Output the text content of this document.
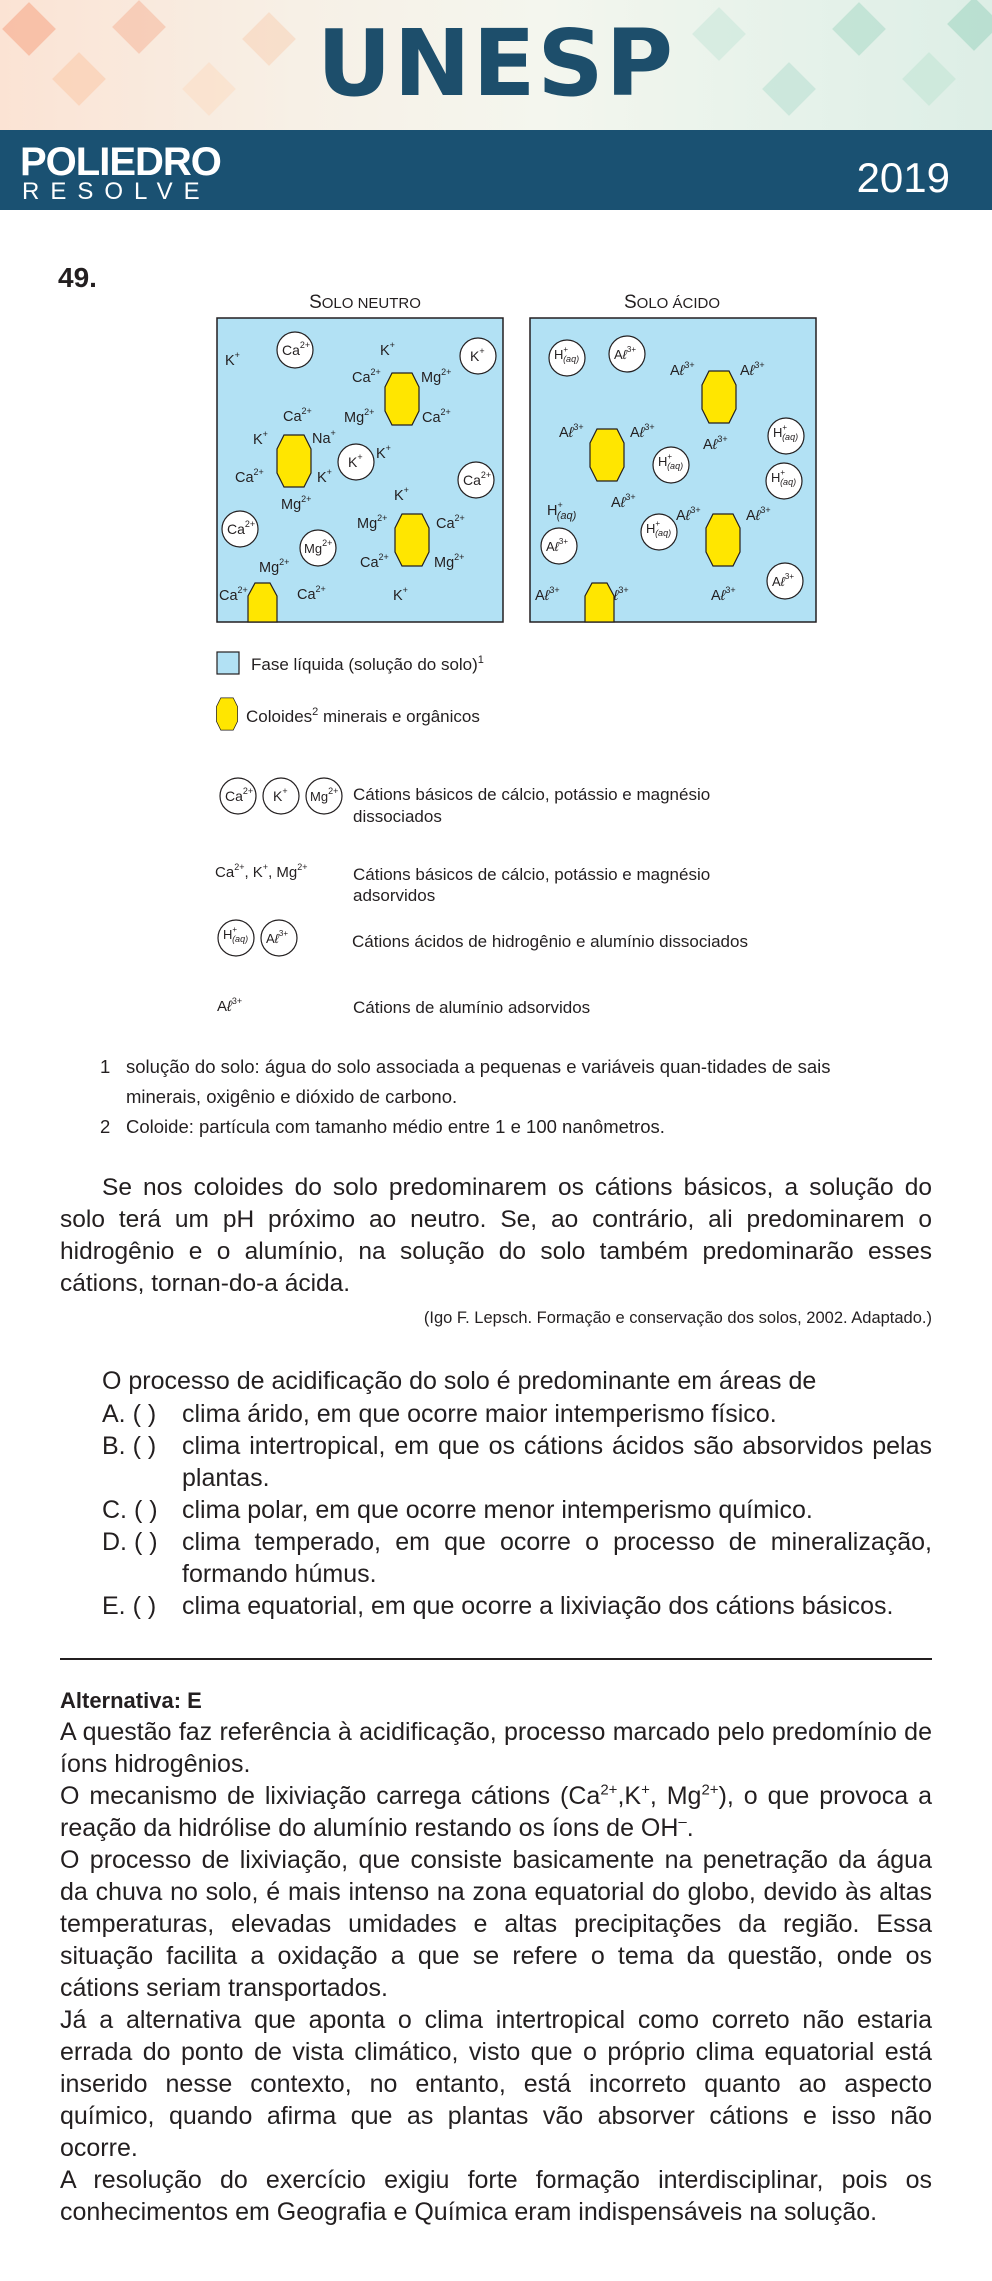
UNESP
POLIEDRO
RESOLVE	2019
49.
SOLO NEUTRO	SOLO ÁCIDO
K+	K+
$Ca^{2+}$	$Mg^{2+}$
$Mg^{2+}$	$Ca^{2+}$
$Ca^{2+}$
K+	Na+
K+
$Ca^{2+}$	K+
$Mg^{2+}$	K+
$Mg^{2+}$	$Ca^{2+}$
$Ca^{2+}$	$Mg^{2+}$
$Mg^{2+}$
K+
$Ca^{2+}$
$Ca^{2+}$
$Ca^{2+}$
K+
K+
$Ca^{2+}$
$Ca^{2+}$
$Mg^{2+}$
Aℓ$^{3+}$	Aℓ$^{3+}$
Aℓ$^{3+}$	Aℓ$^{3+}$
Aℓ$^{3+}$
Aℓ$^{3+}$
Aℓ$^{3+}$	Aℓ$^{3+}$
H+ (aq)
Aℓ$^{3+}$	ℓ$^{3+}$	Aℓ$^{3+}$
H+ (aq)	Aℓ$^{3+}$
H+ (aq)
H+ (aq)
H+ (aq)
H+ (aq)
Aℓ$^{3+}$
Aℓ$^{3+}$
Fase líquida (solução do solo)$^1$
Coloides$^2$ minerais e orgânicos
$Ca^{2+}$ K+ $Mg^{2+}$ Cátions básicos de cálcio, potássio e magnésio
dissociados
$Ca^{2+}$, K+, $Mg^{2+}$	Cátions básicos de cálcio, potássio e magnésio
adsorvidos
H+ (aq) Aℓ$^{3+}$	Cátions ácidos de hidrogênio e alumínio dissociados
Aℓ$^{3+}$	Cátions de alumínio adsorvidos
1 solução do solo: água do solo associada a pequenas e variáveis quan-tidades de sais minerais, oxigênio e dióxido de carbono.
2 Coloide: partícula com tamanho médio entre 1 e 100 nanômetros.
Se nos coloides do solo predominarem os cátions básicos, a solução do solo terá um pH próximo ao neutro. Se, ao contrário, ali predominarem o hidrogênio e o alumínio, na solução do solo também predominarão esses cátions, tornan-do-a ácida.
(Igo F. Lepsch. Formação e conservação dos solos, 2002. Adaptado.)
O processo de acidificação do solo é predominante em áreas de
A. ( )	clima árido, em que ocorre maior intemperismo físico.
B. ( )	clima intertropical, em que os cátions ácidos são absorvidos pelas plantas.
C. ( ) clima polar, em que ocorre menor intemperismo químico.
D. ( ) clima temperado, em que ocorre o processo de mineralização, formando húmus.
E. ( )	clima equatorial, em que ocorre a lixiviação dos cátions básicos.
Alternativa: E

A questão faz referência à acidificação, processo marcado pelo predomínio de íons hidrogênios.

O mecanismo de lixiviação carrega cátions ($Ca^{2+},K^+$, $Mg^{2+}$), o que provoca a reação da hidrólise do alumínio restando os íons de OH–.

O processo de lixiviação, que consiste basicamente na penetração da água da chuva no solo, é mais intenso na zona equatorial do globo, devido às altas temperaturas, elevadas umidades e altas precipitações da região. Essa situação facilita a oxidação a que se refere o tema da questão, onde os cátions seriam transportados.

Já a alternativa que aponta o clima intertropical como correto não estaria errada do ponto de vista climático, visto que o próprio clima equatorial está inserido nesse contexto, no entanto, está incorreto quanto ao aspecto químico, quando afirma que as plantas vão absorver cátions e isso não ocorre.

A resolução do exercício exigiu forte formação interdisciplinar, pois os conhecimentos em Geografia e Química eram indispensáveis na solução.
